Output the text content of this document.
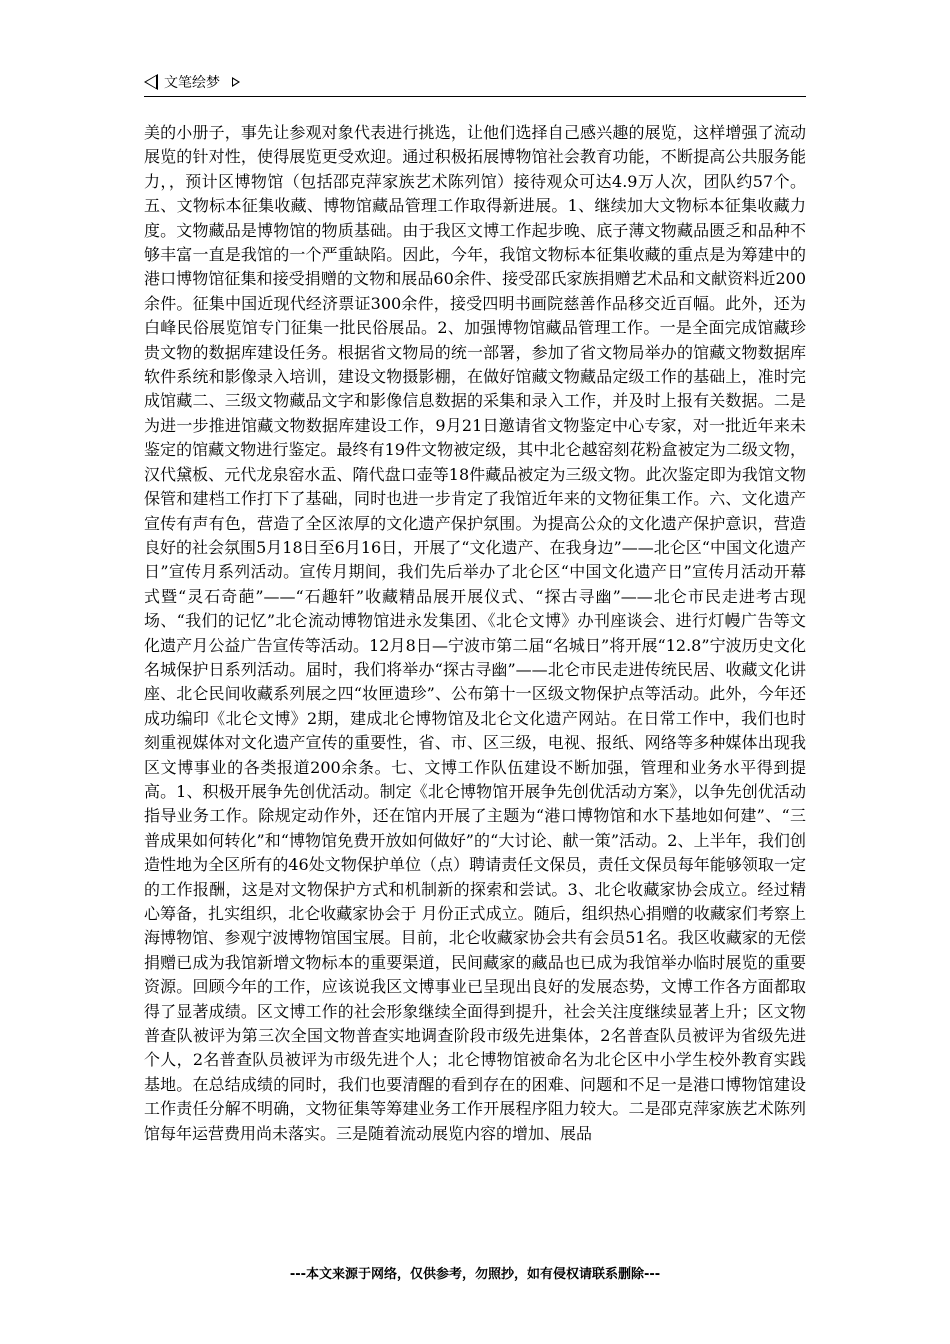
文笔绘梦
美的小册子，事先让参观对象代表进行挑选，让他们选择自己感兴趣的展览，这样增强了流动展览的针对性，使得展览更受欢迎。通过积极拓展博物馆社会教育功能，不断提高公共服务能力，，预计区博物馆（包括邵克萍家族艺术陈列馆）接待观众可达4.9万人次，团队约57个。五、文物标本征集收藏、博物馆藏品管理工作取得新进展。1、继续加大文物标本征集收藏力度。文物藏品是博物馆的物质基础。由于我区文博工作起步晚、底子薄文物藏品匮乏和品种不够丰富一直是我馆的一个严重缺陷。因此，今年，我馆文物标本征集收藏的重点是为筹建中的港口博物馆征集和接受捐赠的文物和展品60余件、接受邵氏家族捐赠艺术品和文献资料近200余件。征集中国近现代经济票证300余件，接受四明书画院慈善作品移交近百幅。此外，还为白峰民俗展览馆专门征集一批民俗展品。2、加强博物馆藏品管理工作。一是全面完成馆藏珍贵文物的数据库建设任务。根据省文物局的统一部署，参加了省文物局举办的馆藏文物数据库软件系统和影像录入培训，建设文物摄影棚，在做好馆藏文物藏品定级工作的基础上，准时完成馆藏二、三级文物藏品文字和影像信息数据的采集和录入工作，并及时上报有关数据。二是为进一步推进馆藏文物数据库建设工作，9月21日邀请省文物鉴定中心专家，对一批近年来未鉴定的馆藏文物进行鉴定。最终有19件文物被定级，其中北仑越窑刻花粉盒被定为二级文物，汉代黛板、元代龙泉窑水盂、隋代盘口壶等18件藏品被定为三级文物。此次鉴定即为我馆文物保管和建档工作打下了基础，同时也进一步肯定了我馆近年来的文物征集工作。六、文化遗产宣传有声有色，营造了全区浓厚的文化遗产保护氛围。为提高公众的文化遗产保护意识，营造良好的社会氛围5月18日至6月16日，开展了“文化遗产、在我身边”——北仑区“中国文化遗产日”宣传月系列活动。宣传月期间，我们先后举办了北仑区“中国文化遗产日”宣传月活动开幕式暨“灵石奇葩”——“石趣轩”收藏精品展开展仪式、“探古寻幽”——北仑市民走进考古现场、“我们的记忆”北仑流动博物馆进永发集团、《北仑文博》办刊座谈会、进行灯幔广告等文化遗产月公益广告宣传等活动。12月8日—宁波市第二届“名城日”将开展“12.8”宁波历史文化名城保护日系列活动。届时，我们将举办“探古寻幽”——北仑市民走进传统民居、收藏文化讲座、北仑民间收藏系列展之四“妆匣遗珍”、公布第十一区级文物保护点等活动。此外，今年还成功编印《北仑文博》2期，建成北仑博物馆及北仑文化遗产网站。在日常工作中，我们也时刻重视媒体对文化遗产宣传的重要性，省、市、区三级，电视、报纸、网络等多种媒体出现我区文博事业的各类报道200余条。七、文博工作队伍建设不断加强，管理和业务水平得到提高。1、积极开展争先创优活动。制定《北仑博物馆开展争先创优活动方案》，以争先创优活动指导业务工作。除规定动作外，还在馆内开展了主题为“港口博物馆和水下基地如何建”、“三普成果如何转化”和“博物馆免费开放如何做好”的“大讨论、献一策”活动。2、上半年，我们创造性地为全区所有的46处文物保护单位（点）聘请责任文保员，责任文保员每年能够领取一定的工作报酬，这是对文物保护方式和机制新的探索和尝试。3、北仑收藏家协会成立。经过精心筹备，扎实组织，北仑收藏家协会于 月份正式成立。随后，组织热心捐赠的收藏家们考察上海博物馆、参观宁波博物馆国宝展。目前，北仑收藏家协会共有会员51名。我区收藏家的无偿捐赠已成为我馆新增文物标本的重要渠道，民间藏家的藏品也已成为我馆举办临时展览的重要资源。回顾今年的工作，应该说我区文博事业已呈现出良好的发展态势，文博工作各方面都取得了显著成绩。区文博工作的社会形象继续全面得到提升，社会关注度继续显著上升；区文物普查队被评为第三次全国文物普查实地调查阶段市级先进集体，2名普查队员被评为省级先进个人，2名普查队员被评为市级先进个人；北仑博物馆被命名为北仑区中小学生校外教育实践基地。在总结成绩的同时，我们也要清醒的看到存在的困难、问题和不足一是港口博物馆建设工作责任分解不明确，文物征集等筹建业务工作开展程序阻力较大。二是邵克萍家族艺术陈列馆每年运营费用尚未落实。三是随着流动展览内容的增加、展品
---本文来源于网络，仅供参考，勿照抄，如有侵权请联系删除---
